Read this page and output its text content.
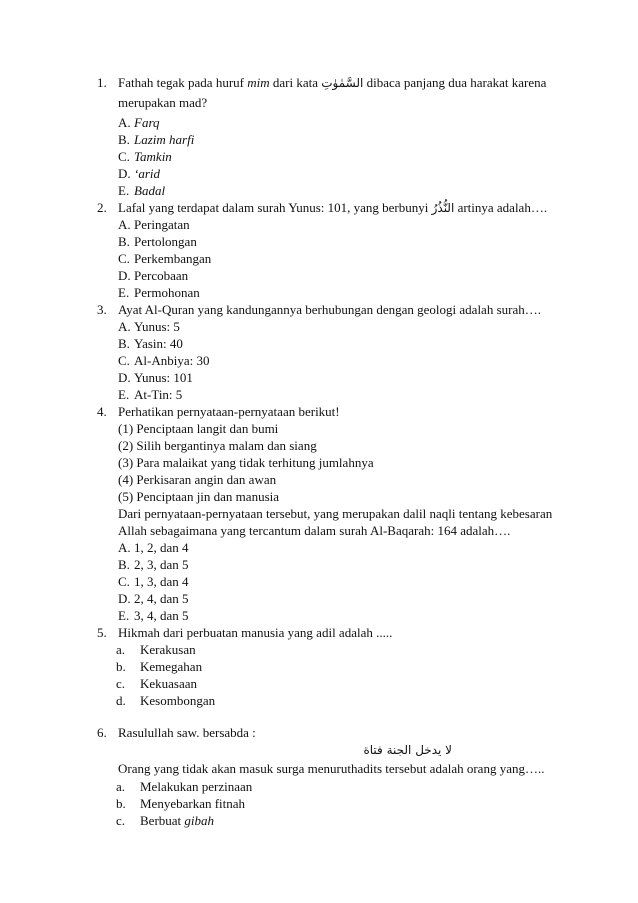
1. Fathah tegak pada huruf mim dari kata السَّمٰوٰتِ dibaca panjang dua harakat karena
merupakan mad?
A. Farq
B. Lazim harfi
C. Tamkin
D. ‘arid
E. Badal
2. Lafal yang terdapat dalam surah Yunus: 101, yang berbunyi النُّذُرُ artinya adalah….
A. Peringatan
B. Pertolongan
C. Perkembangan
D. Percobaan
E. Permohonan
3. Ayat Al-Quran yang kandungannya berhubungan dengan geologi adalah surah….
A. Yunus: 5
B. Yasin: 40
C. Al-Anbiya: 30
D. Yunus: 101
E. At-Tin: 5
4. Perhatikan pernyataan-pernyataan berikut!
(1) Penciptaan langit dan bumi
(2) Silih bergantinya malam dan siang
(3) Para malaikat yang tidak terhitung jumlahnya
(4) Perkisaran angin dan awan
(5) Penciptaan jin dan manusia
Dari pernyataan-pernyataan tersebut, yang merupakan dalil naqli tentang kebesaran
Allah sebagaimana yang tercantum dalam surah Al-Baqarah: 164 adalah….
A. 1, 2, dan 4
B. 2, 3, dan 5
C. 1, 3, dan 4
D. 2, 4, dan 5
E. 3, 4, dan 5
5. Hikmah dari perbuatan manusia yang adil adalah .....
a. Kerakusan
b. Kemegahan
c. Kekuasaan
d. Kesombongan
6. Rasulullah saw. bersabda :
لا يدخل الجنة فتاة
Orang yang tidak akan masuk surga menuruthadits tersebut adalah orang yang…..
a. Melakukan perzinaan
b. Menyebarkan fitnah
c. Berbuat gibah
